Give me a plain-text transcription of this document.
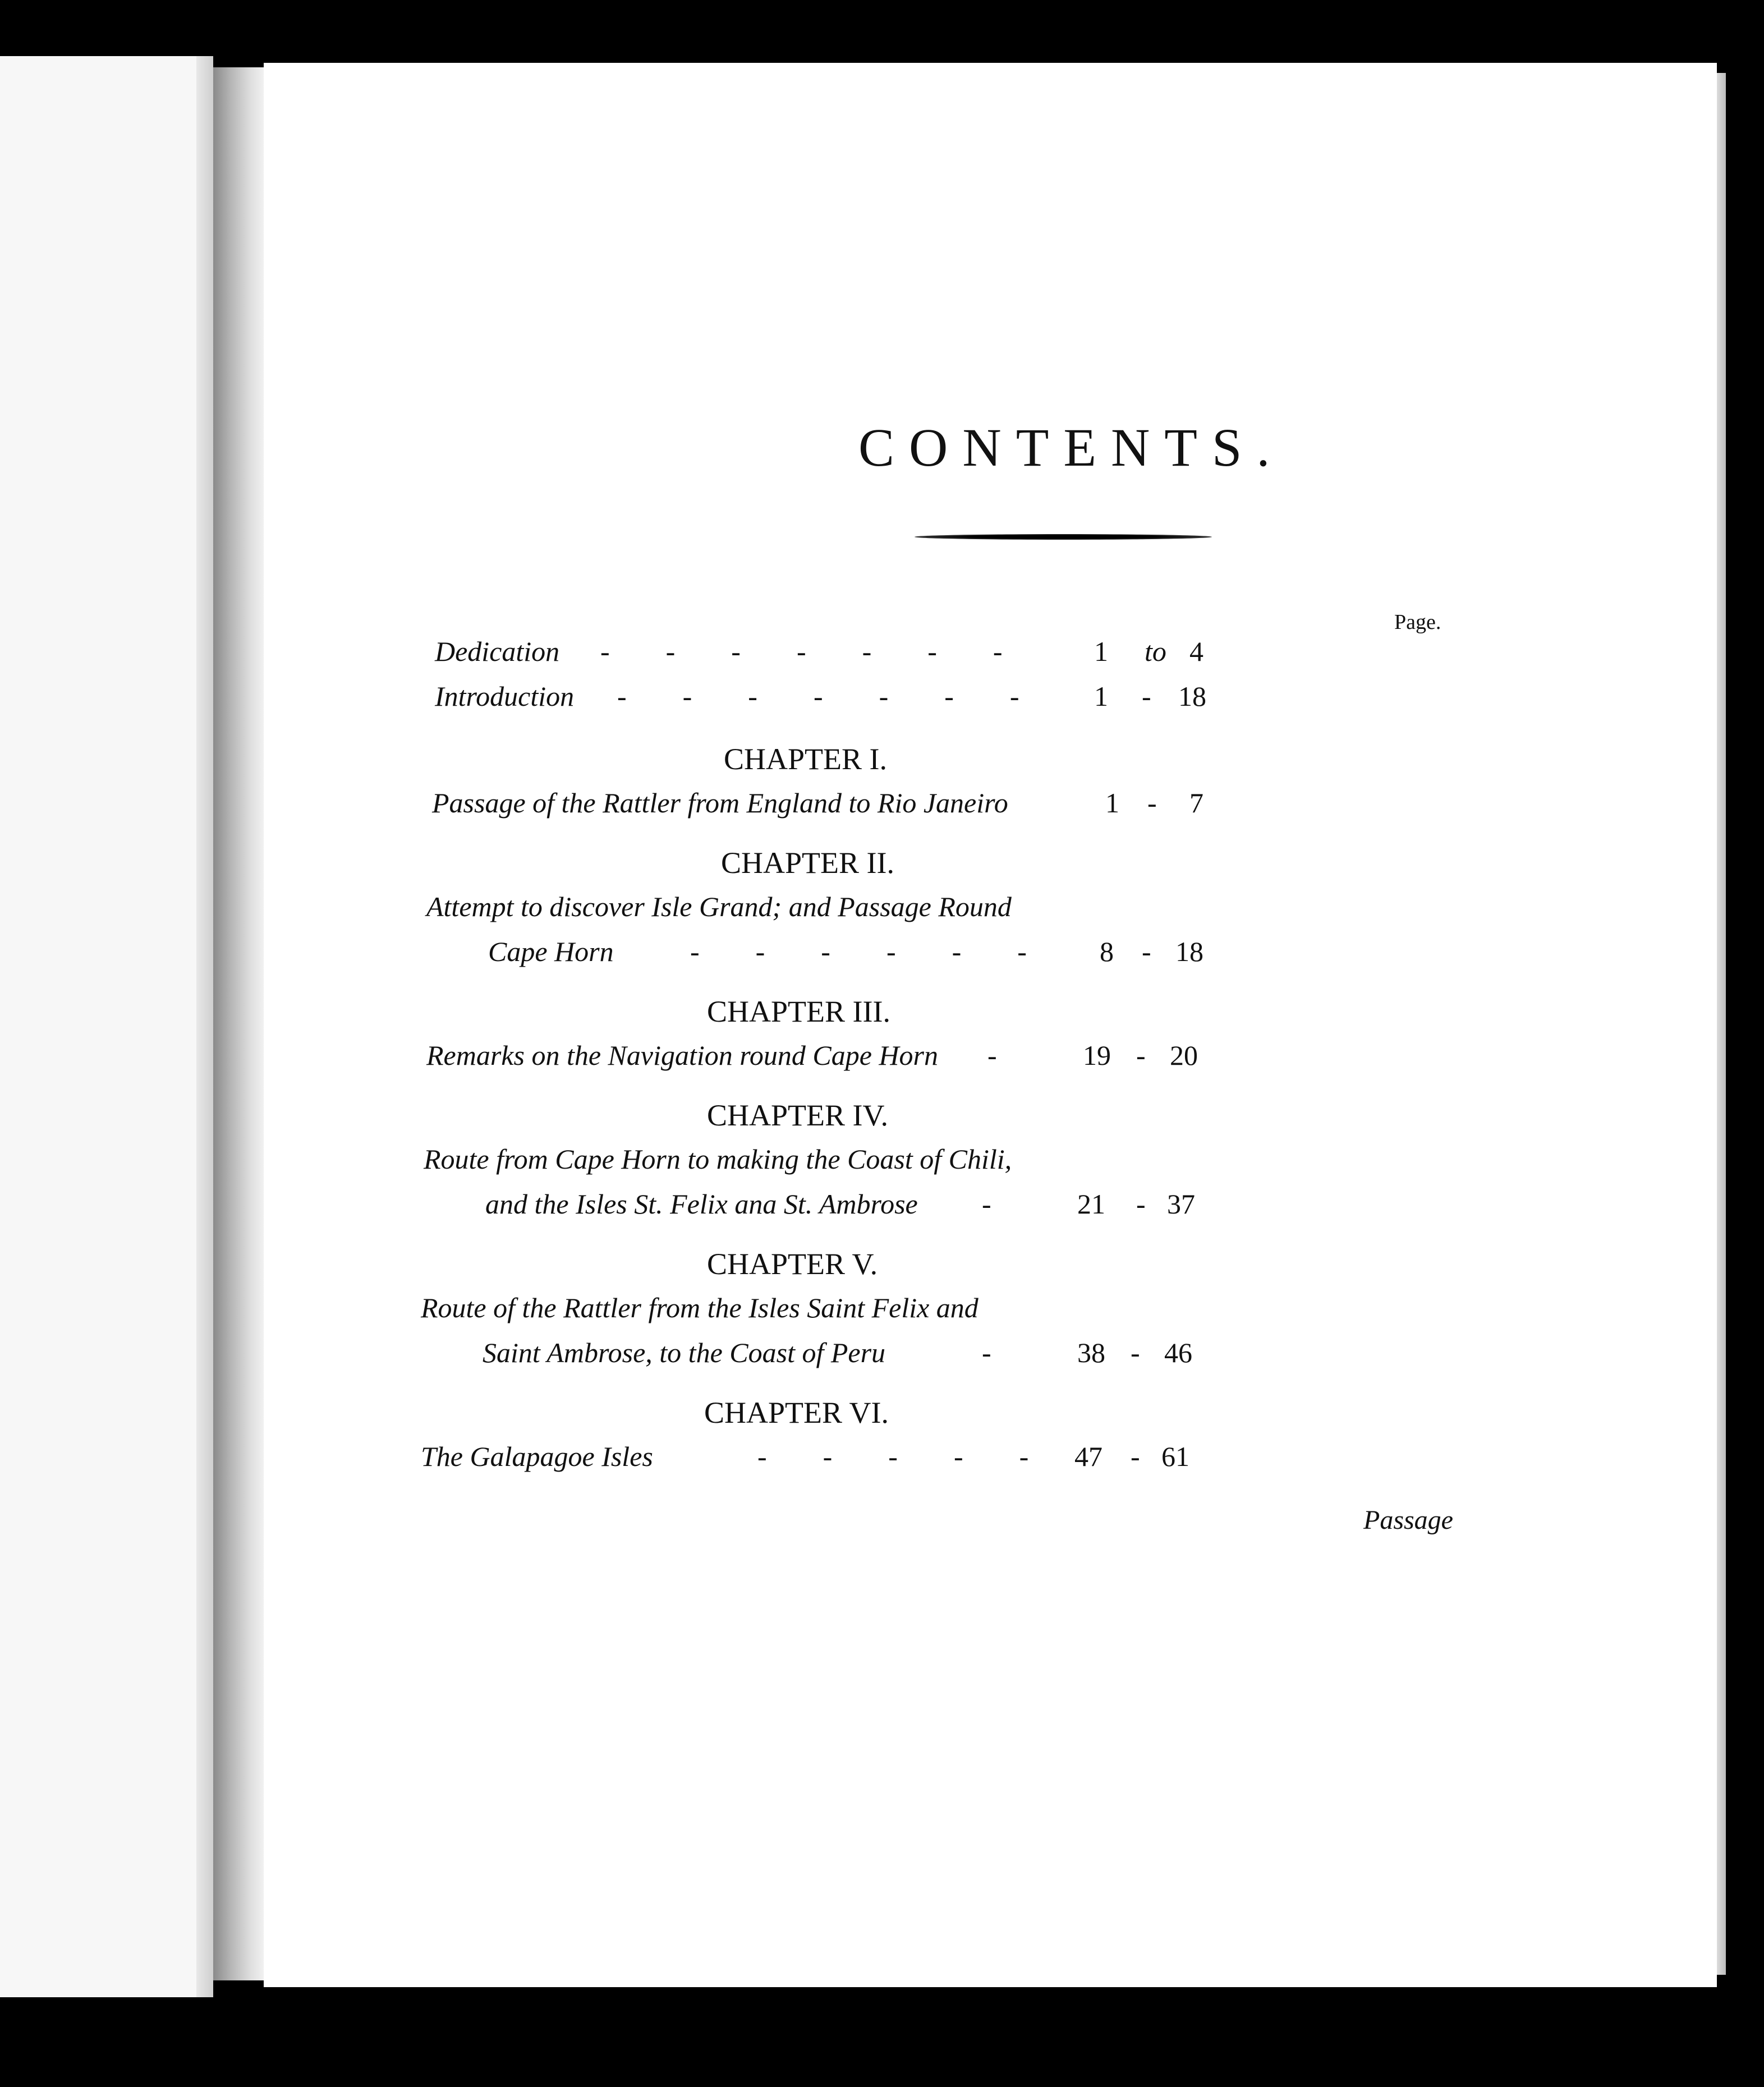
CONTENTS.
Page.
Dedication -        -        -        -        -        -        -	1 to 4
Introduction -        -        -        -        -        -        -	1 - 18
CHAPTER I.
Passage of the Rattler from England to Rio Janeiro	1 - 7
CHAPTER II.
Attempt to discover Isle Grand; and Passage Round
Cape Horn	-        -        -        -        -        -	8 - 18
CHAPTER III.
Remarks on the Navigation round Cape Horn -	19 - 20
CHAPTER IV.
Route from Cape Horn to making the Coast of Chili,
and the Isles St. Felix ana St. Ambrose -	21 - 37
CHAPTER V.
Route of the Rattler from the Isles Saint Felix and
Saint Ambrose, to the Coast of Peru	-	38 - 46
CHAPTER VI.
The Galapagoe Isles	-        -        -        -        - 47 - 61
Passage
